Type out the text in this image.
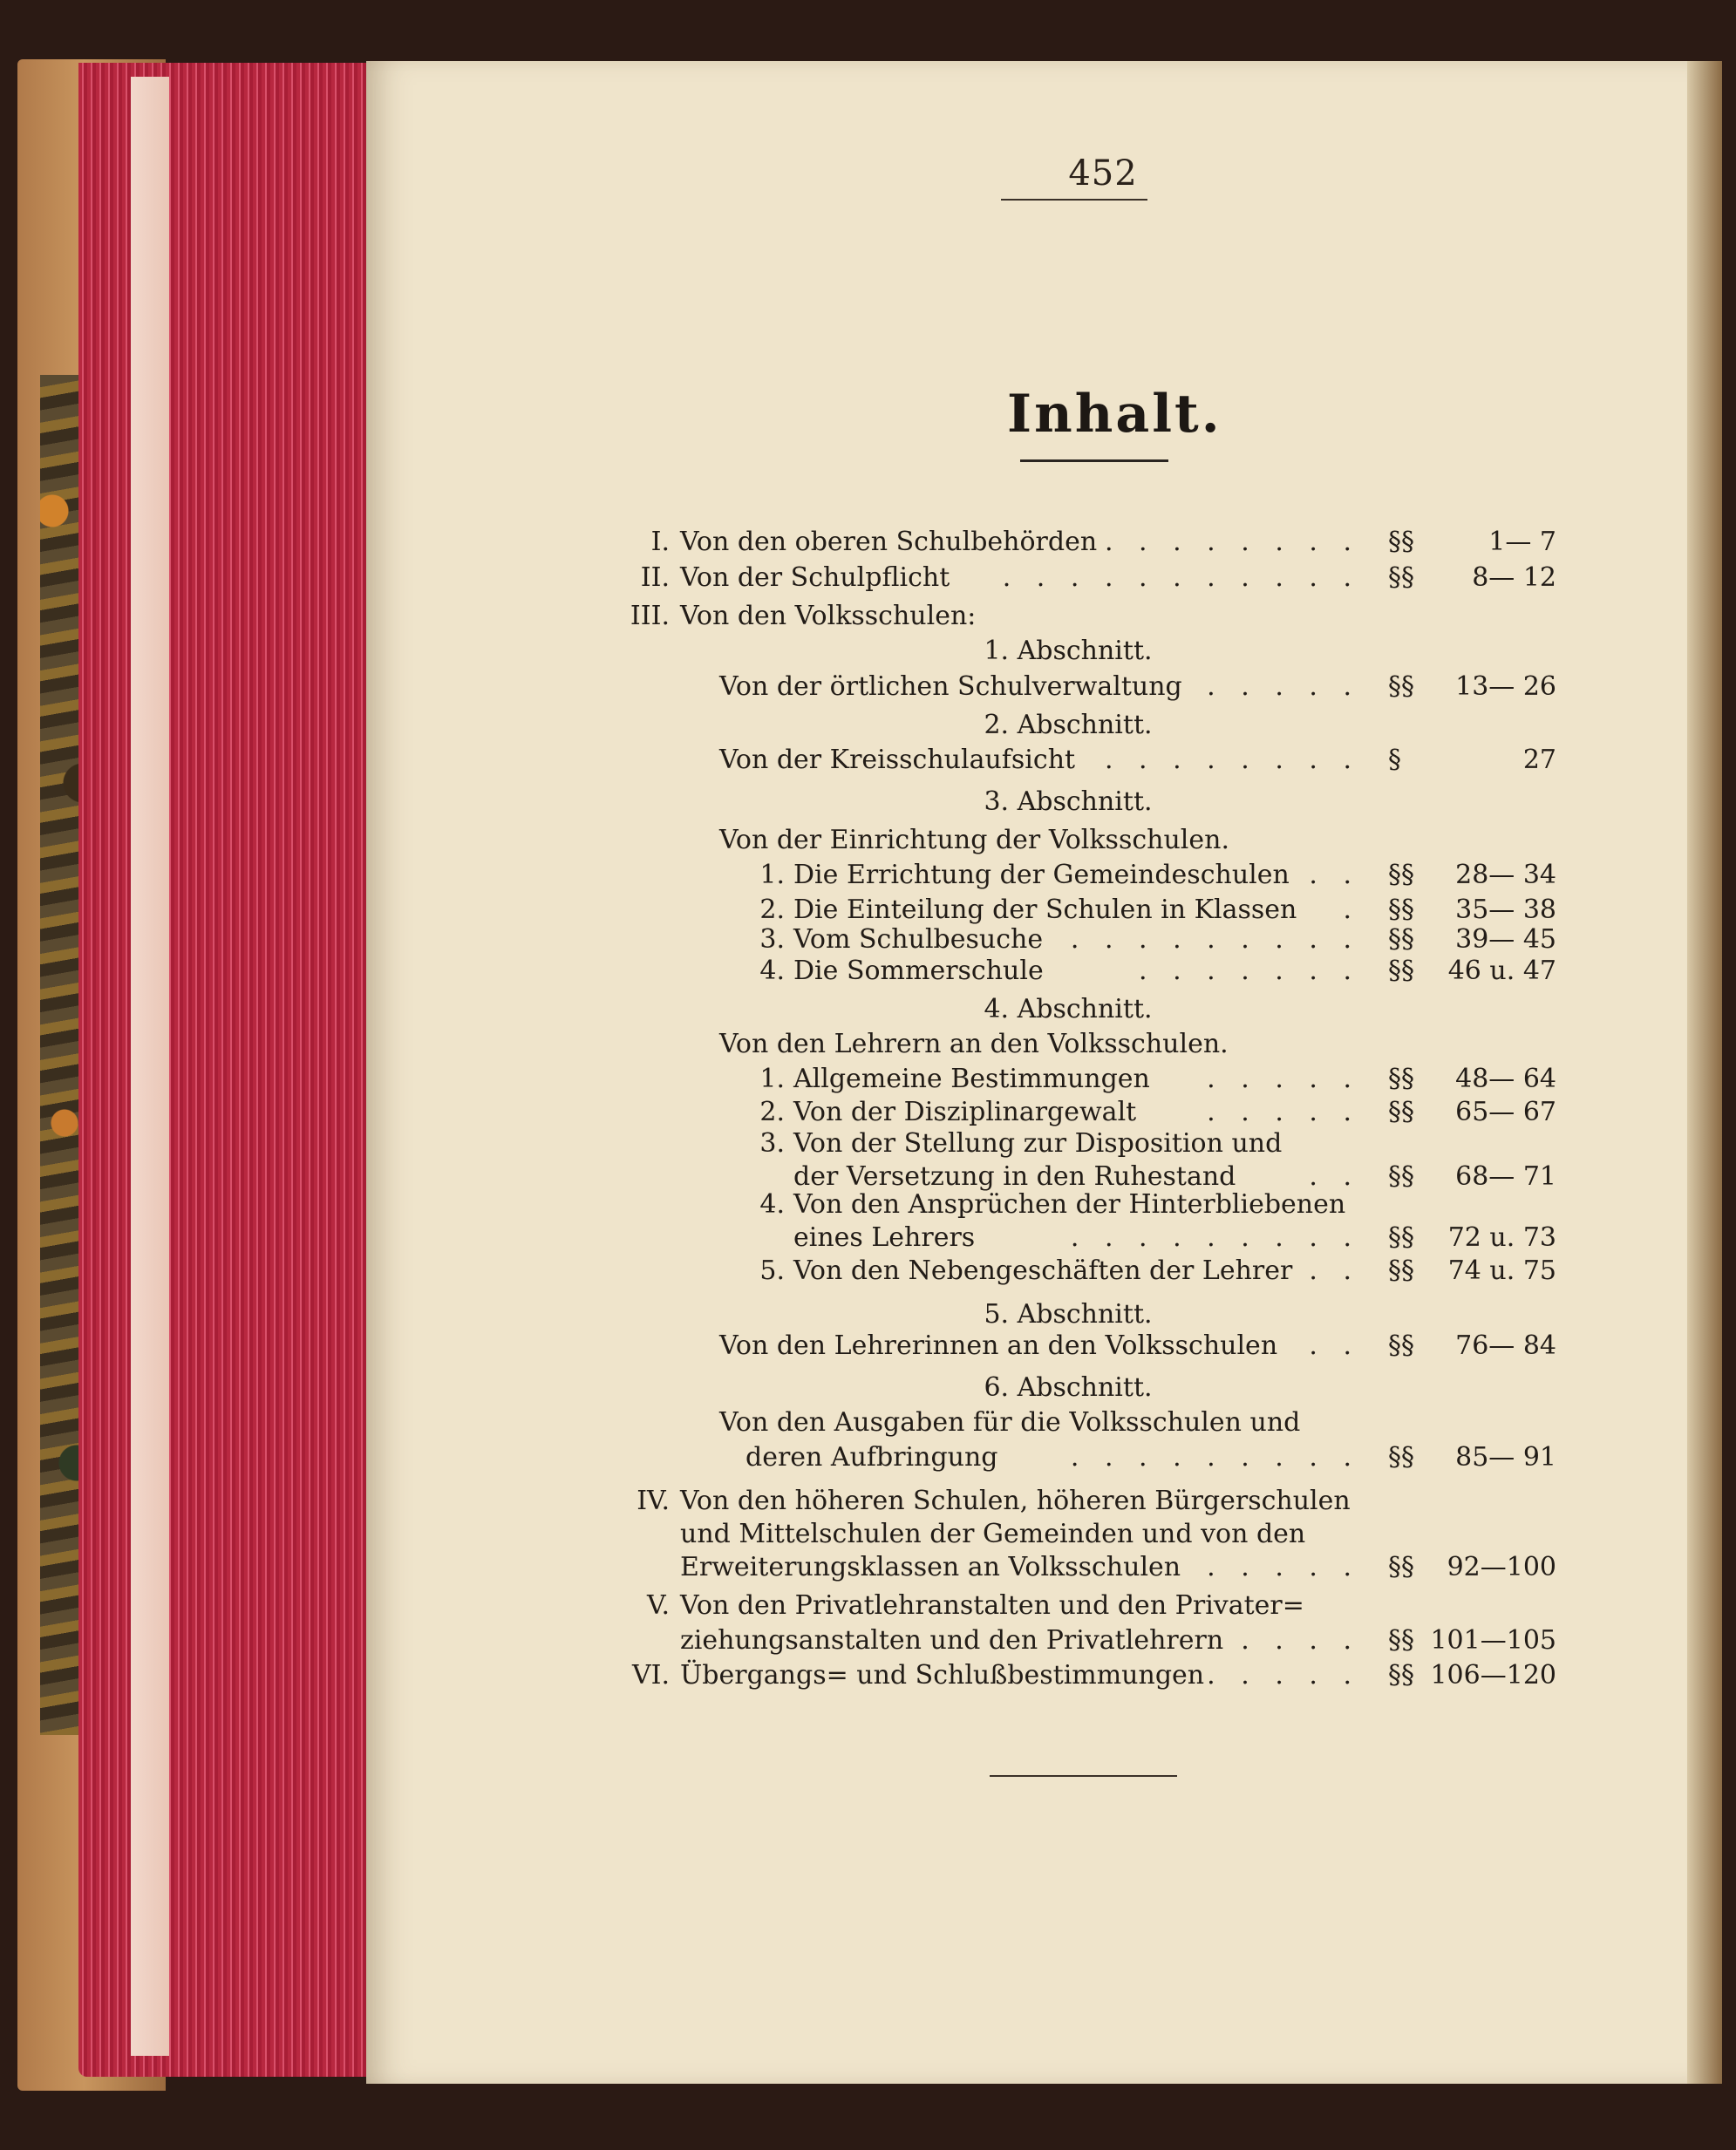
452
Inhalt.
I. Von den oberen Schulbehörden . . . . . . . . §§	1— 7
II. Von der Schulpflicht . . . . . . . . . . . §§	8— 12
III. Von den Volksschulen:
1. Abschnitt.
Von der örtlichen Schulverwaltung . . . . . §§	13— 26
2. Abschnitt.
Von der Kreisschulaufsicht . . . . . . . . §	27
3. Abschnitt.
Von der Einrichtung der Volksschulen.
1. Die Errichtung der Gemeindeschulen . . §§	28— 34
2. Die Einteilung der Schulen in Klassen . §§	35— 38
3. Vom Schulbesuche . . . . . . . . . §§	39— 45
4. Die Sommerschule	. . . . . . . §§	46 u. 47
4. Abschnitt.
Von den Lehrern an den Volksschulen.
1. Allgemeine Bestimmungen . . . . . §§	48— 64
2. Von der Disziplinargewalt	. . . . . §§	65— 67
3. Von der Stellung zur Disposition und
der Versetzung in den Ruhestand	. . §§	68— 71
4. Von den Ansprüchen der Hinterbliebenen
eines Lehrers	. . . . . . . . . §§	72 u. 73
5. Von den Nebengeschäften der Lehrer . . §§	74 u. 75
5. Abschnitt.
Von den Lehrerinnen an den Volksschulen . . §§	76— 84
6. Abschnitt.
Von den Ausgaben für die Volksschulen und
deren Aufbringung	. . . . . . . . . §§	85— 91
IV. Von den höheren Schulen, höheren Bürgerschulen
und Mittelschulen der Gemeinden und von den
Erweiterungsklassen an Volksschulen . . . . . §§	92—100
V. Von den Privatlehranstalten und den Privater=
ziehungsanstalten und den Privatlehrern . . . . §§ 101—105
VI. Übergangs= und Schlußbestimmungen . . . . . §§ 106—120
